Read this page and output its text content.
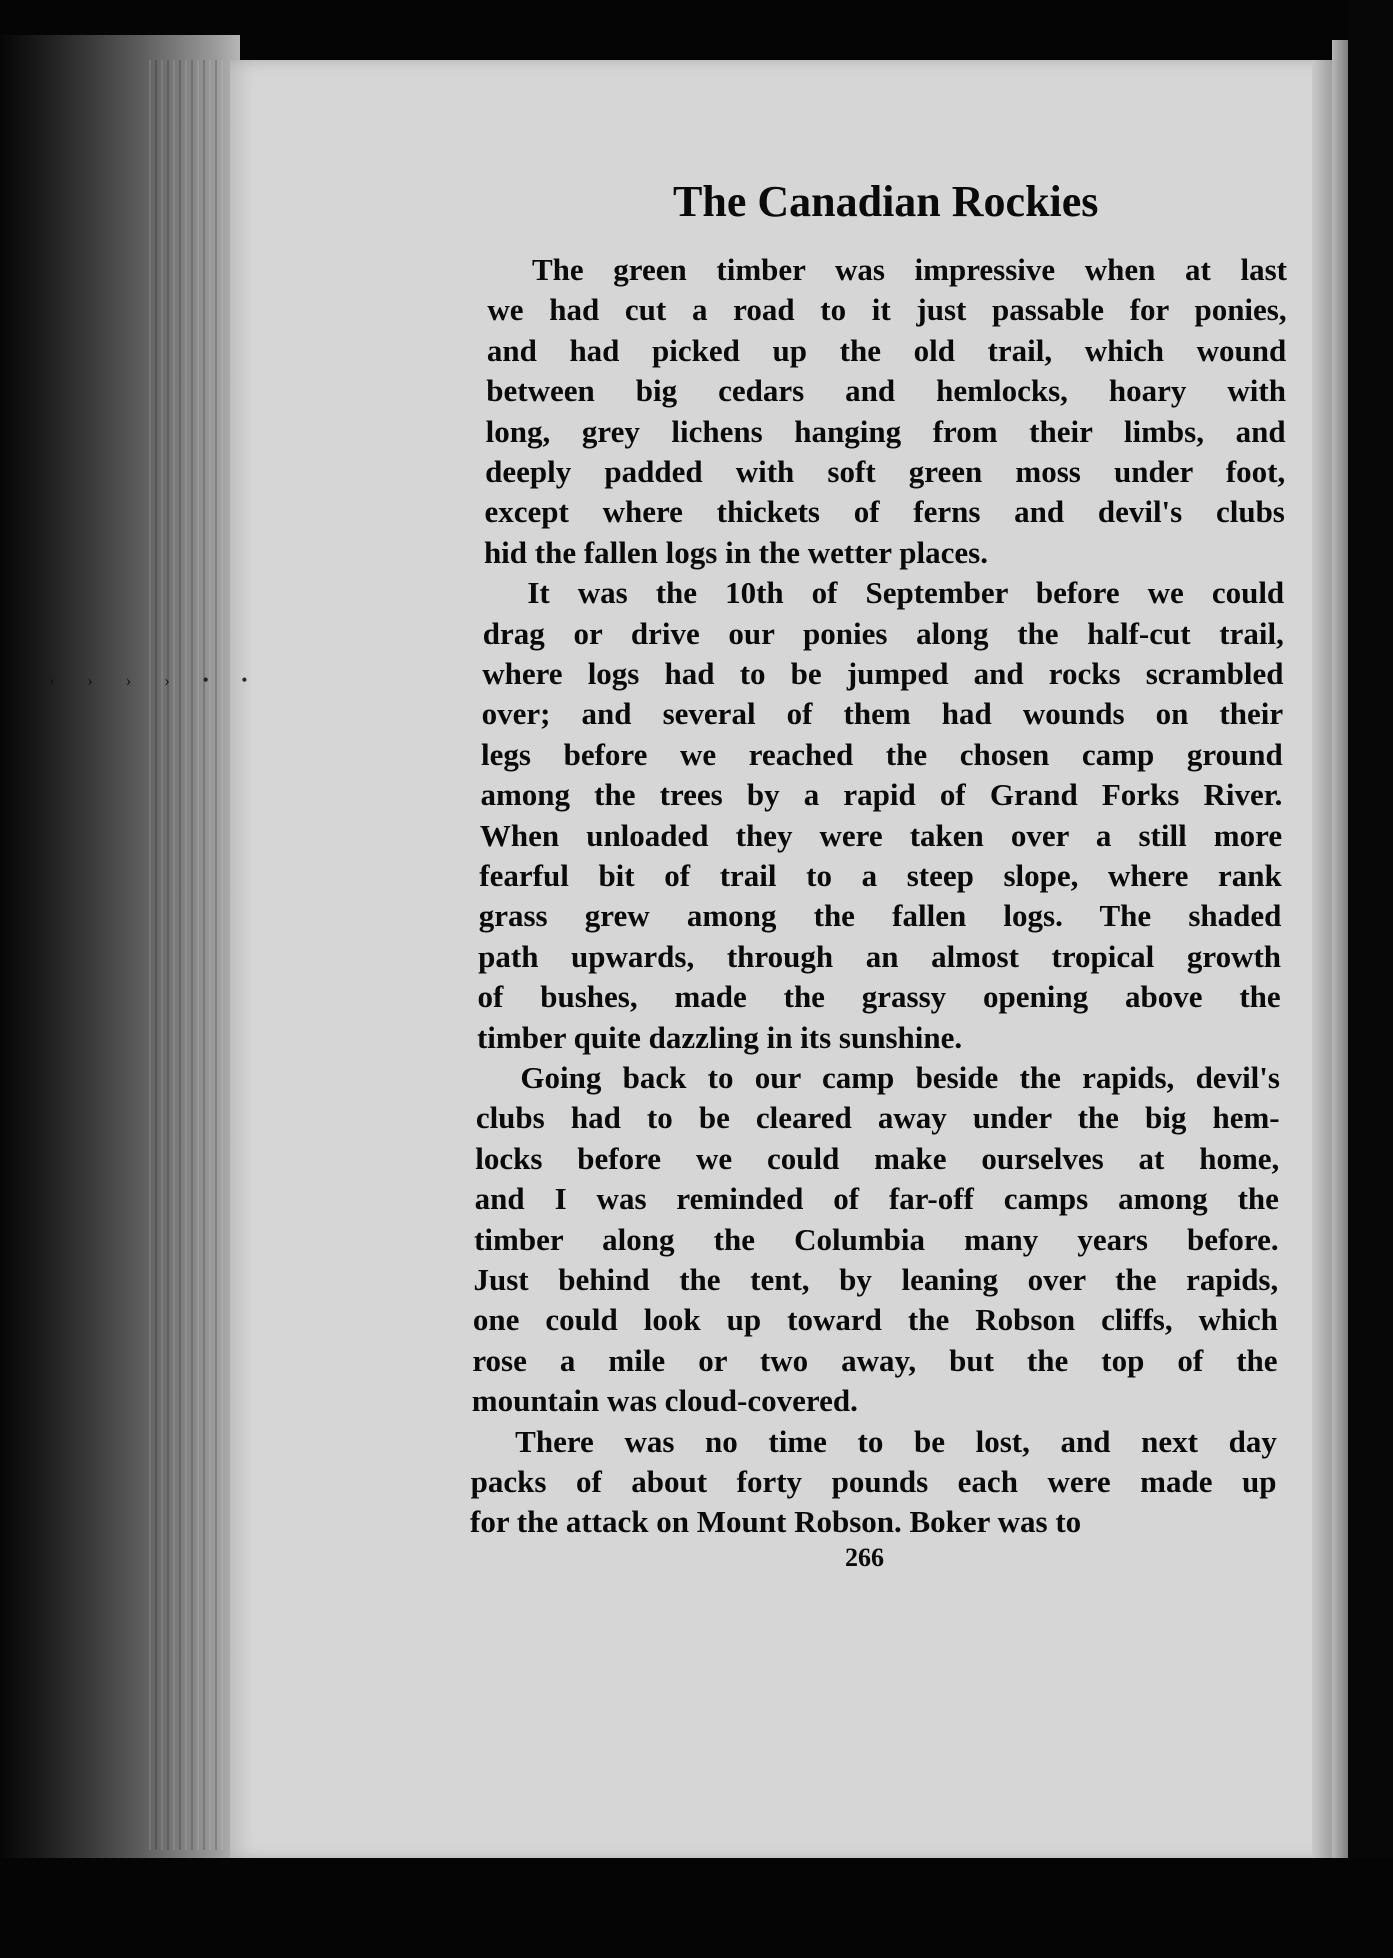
› › › › › • •
The Canadian Rockies
The green timber was impressive when at last
we had cut a road to it just passable for ponies,
and had picked up the old trail, which wound
between big cedars and hemlocks, hoary with
long, grey lichens hanging from their limbs, and
deeply padded with soft green moss under foot,
except where thickets of ferns and devil's clubs
hid the fallen logs in the wetter places.
It was the 10th of September before we could
drag or drive our ponies along the half-cut trail,
where logs had to be jumped and rocks scrambled
over; and several of them had wounds on their
legs before we reached the chosen camp ground
among the trees by a rapid of Grand Forks River.
When unloaded they were taken over a still more
fearful bit of trail to a steep slope, where rank
grass grew among the fallen logs. The shaded
path upwards, through an almost tropical growth
of bushes, made the grassy opening above the
timber quite dazzling in its sunshine.
Going back to our camp beside the rapids, devil's
clubs had to be cleared away under the big hem-
locks before we could make ourselves at home,
and I was reminded of far-off camps among the
timber along the Columbia many years before.
Just behind the tent, by leaning over the rapids,
one could look up toward the Robson cliffs, which
rose a mile or two away, but the top of the
mountain was cloud-covered.
There was no time to be lost, and next day
packs of about forty pounds each were made up
for the attack on Mount Robson. Boker was to
266
